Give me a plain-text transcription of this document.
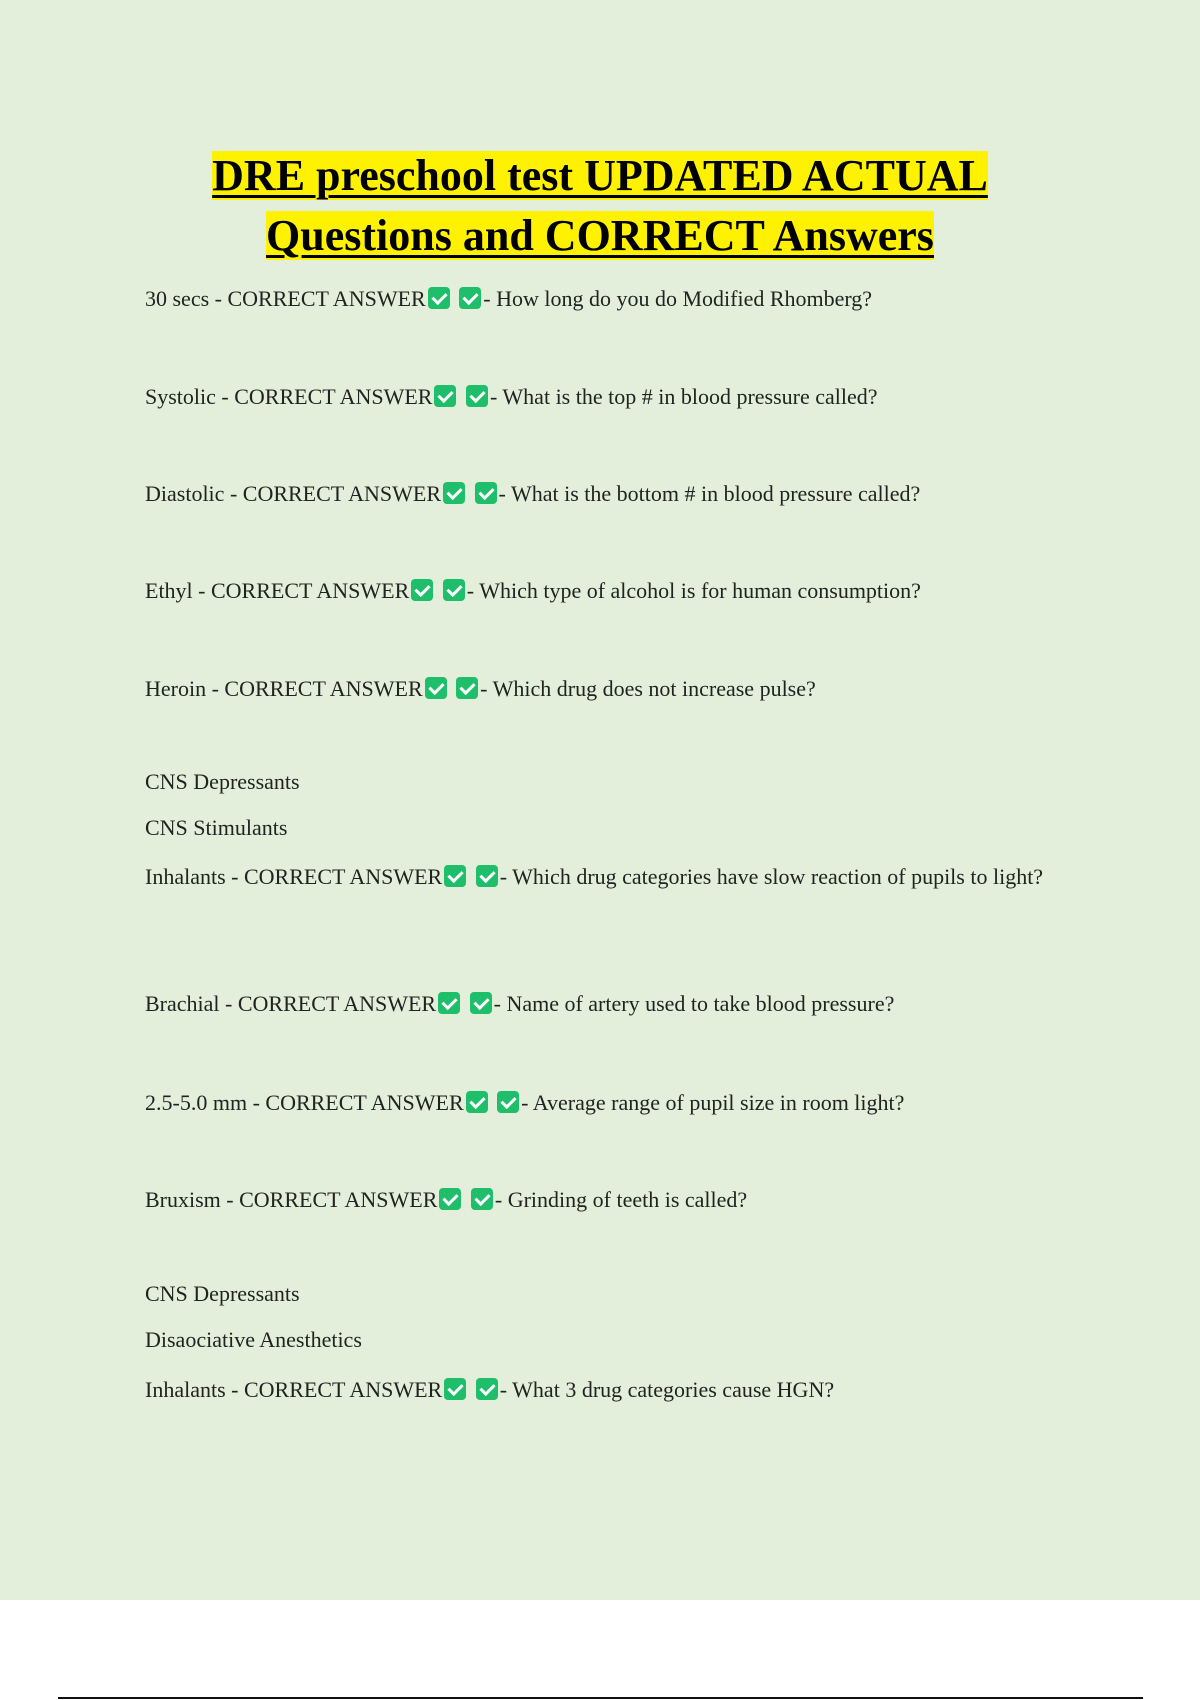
DRE preschool test UPDATED ACTUAL
Questions and CORRECT Answers
30 secs - CORRECT ANSWER	- How long do you do Modified Rhomberg?
Systolic - CORRECT ANSWER	- What is the top # in blood pressure called?
Diastolic - CORRECT ANSWER	- What is the bottom # in blood pressure called?
Ethyl - CORRECT ANSWER	- Which type of alcohol is for human consumption?
Heroin - CORRECT ANSWER	- Which drug does not increase pulse?
CNS Depressants
CNS Stimulants
Inhalants - CORRECT ANSWER	- Which drug categories have slow reaction of pupils to light?
Brachial - CORRECT ANSWER	- Name of artery used to take blood pressure?
2.5-5.0 mm - CORRECT ANSWER	- Average range of pupil size in room light?
Bruxism - CORRECT ANSWER	- Grinding of teeth is called?
CNS Depressants
Disaociative Anesthetics
Inhalants - CORRECT ANSWER	- What 3 drug categories cause HGN?
